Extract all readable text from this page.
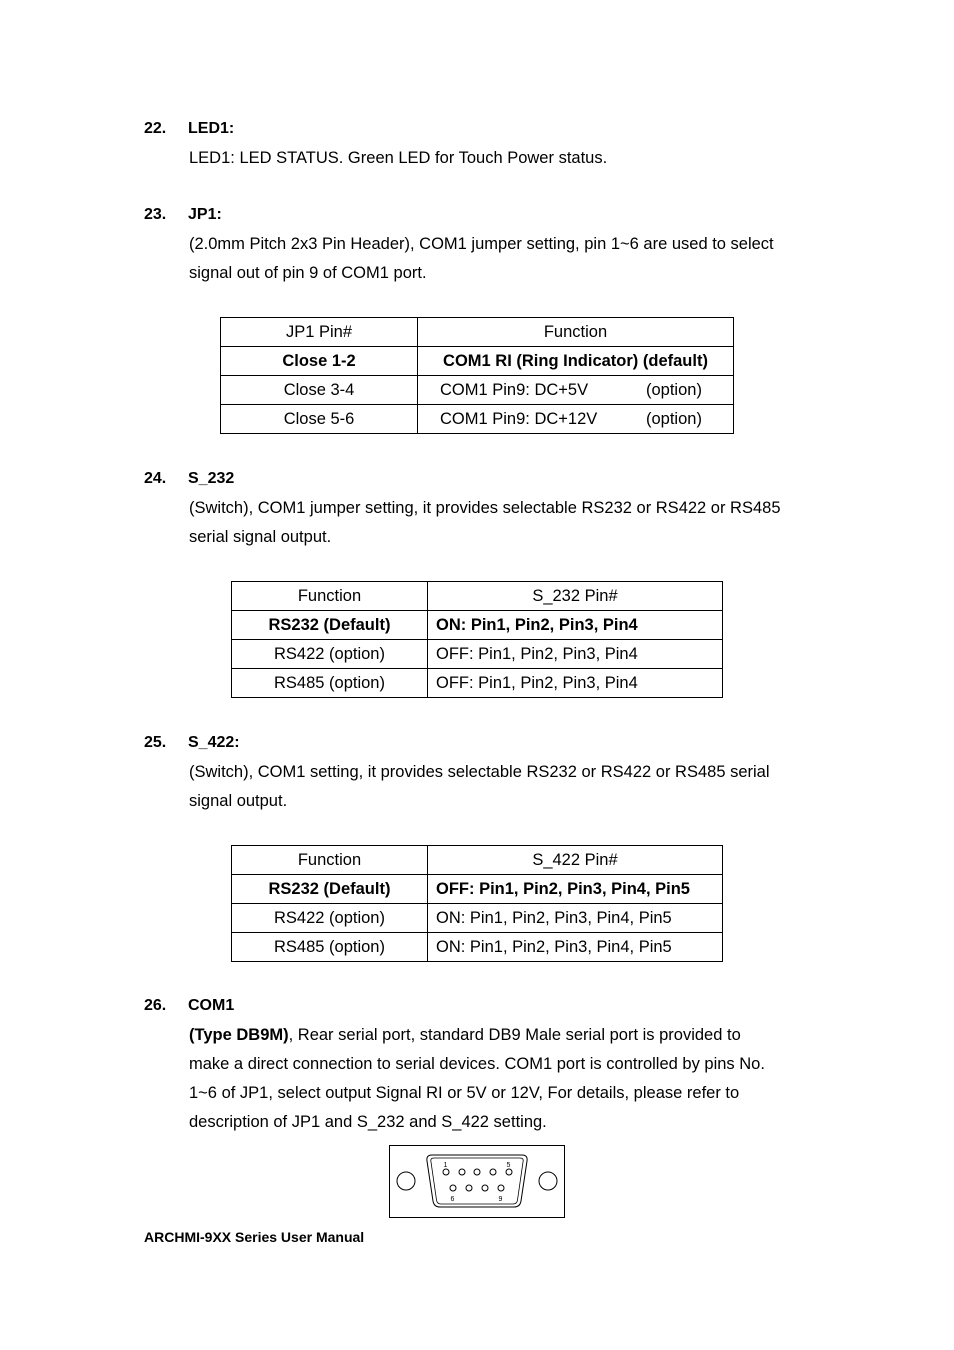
22. LED1:
LED1: LED STATUS. Green LED for Touch Power status.
23. JP1:
(2.0mm Pitch 2x3 Pin Header), COM1 jumper setting, pin 1~6 are used to select
signal out of pin 9 of COM1 port.
JP1 Pin#	Function
Close 1-2	COM1 RI (Ring Indicator) (default)
Close 3-4	COM1 Pin9: DC+5V (option)
Close 5-6	COM1 Pin9: DC+12V (option)
24. S_232
(Switch), COM1 jumper setting, it provides selectable RS232 or RS422 or RS485
serial signal output.
Function	S_232 Pin#
RS232 (Default)	ON: Pin1, Pin2, Pin3, Pin4
RS422 (option)	OFF: Pin1, Pin2, Pin3, Pin4
RS485 (option)	OFF: Pin1, Pin2, Pin3, Pin4
25. S_422:
(Switch), COM1 setting, it provides selectable RS232 or RS422 or RS485 serial
signal output.
Function	S_422 Pin#
RS232 (Default)	OFF: Pin1, Pin2, Pin3, Pin4, Pin5
RS422 (option)	ON: Pin1, Pin2, Pin3, Pin4, Pin5
RS485 (option)	ON: Pin1, Pin2, Pin3, Pin4, Pin5
26. COM1
(Type DB9M), Rear serial port, standard DB9 Male serial port is provided to
make a direct connection to serial devices. COM1 port is controlled by pins No.
1~6 of JP1, select output Signal RI or 5V or 12V, For details, please refer to
description of JP1 and S_232 and S_422 setting.
1	5
6	9
ARCHMI-9XX Series User Manual
